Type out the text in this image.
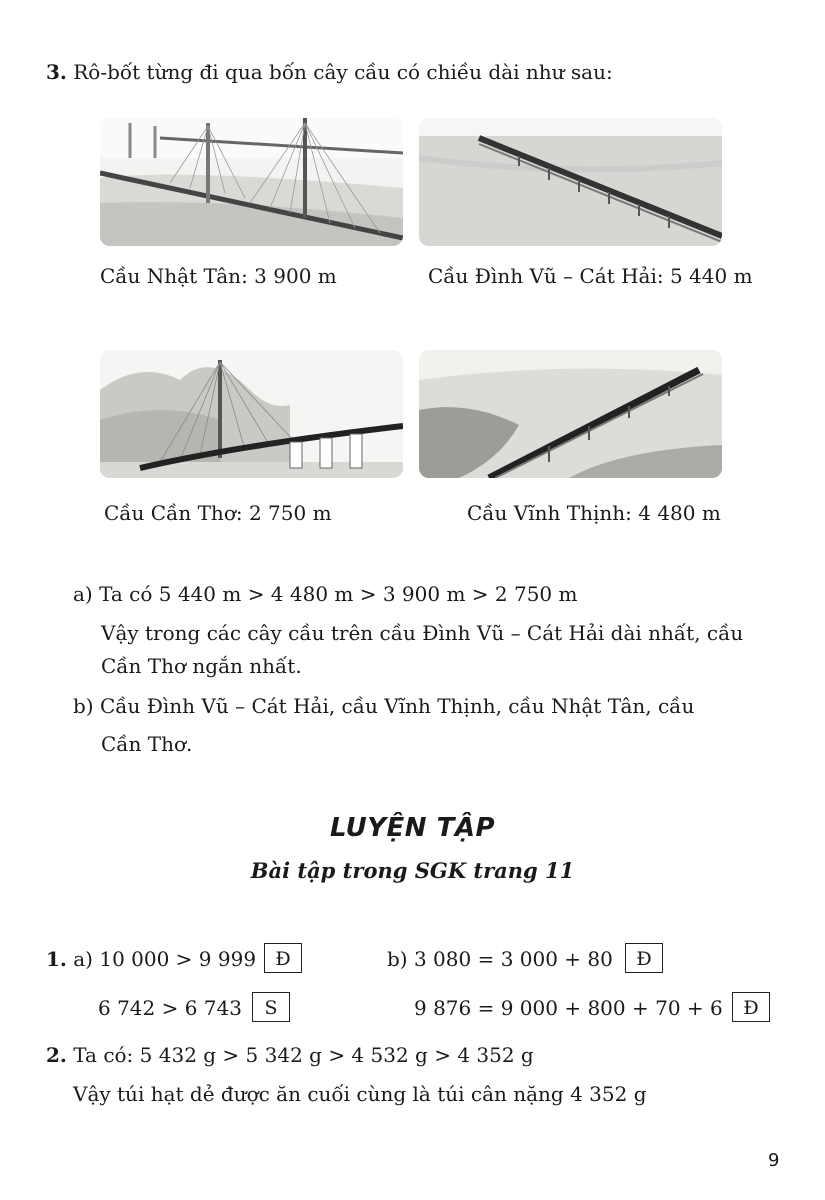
3. Rô-bốt từng đi qua bốn cây cầu có chiều dài như sau:
Cầu Nhật Tân: 3 900 m	Cầu Đình Vũ – Cát Hải: 5 440 m
Cầu Cần Thơ: 2 750 m	Cầu Vĩnh Thịnh: 4 480 m
a) Ta có 5 440 m > 4 480 m > 3 900 m > 2 750 m
Vậy trong các cây cầu trên cầu Đình Vũ – Cát Hải dài nhất, cầu
Cần Thơ ngắn nhất.
b) Cầu Đình Vũ – Cát Hải, cầu Vĩnh Thịnh, cầu Nhật Tân, cầu
Cần Thơ.
LUYỆN TẬP
Bài tập trong SGK trang 11
1. a) 10 000 > 9 999	Đ	b) 3 080 = 3 000 + 80	Đ
6 742 > 6 743	S	9 876 = 9 000 + 800 + 70 + 6	Đ
2. Ta có: 5 432 g > 5 342 g > 4 532 g > 4 352 g
Vậy túi hạt dẻ được ăn cuối cùng là túi cân nặng 4 352 g
9
